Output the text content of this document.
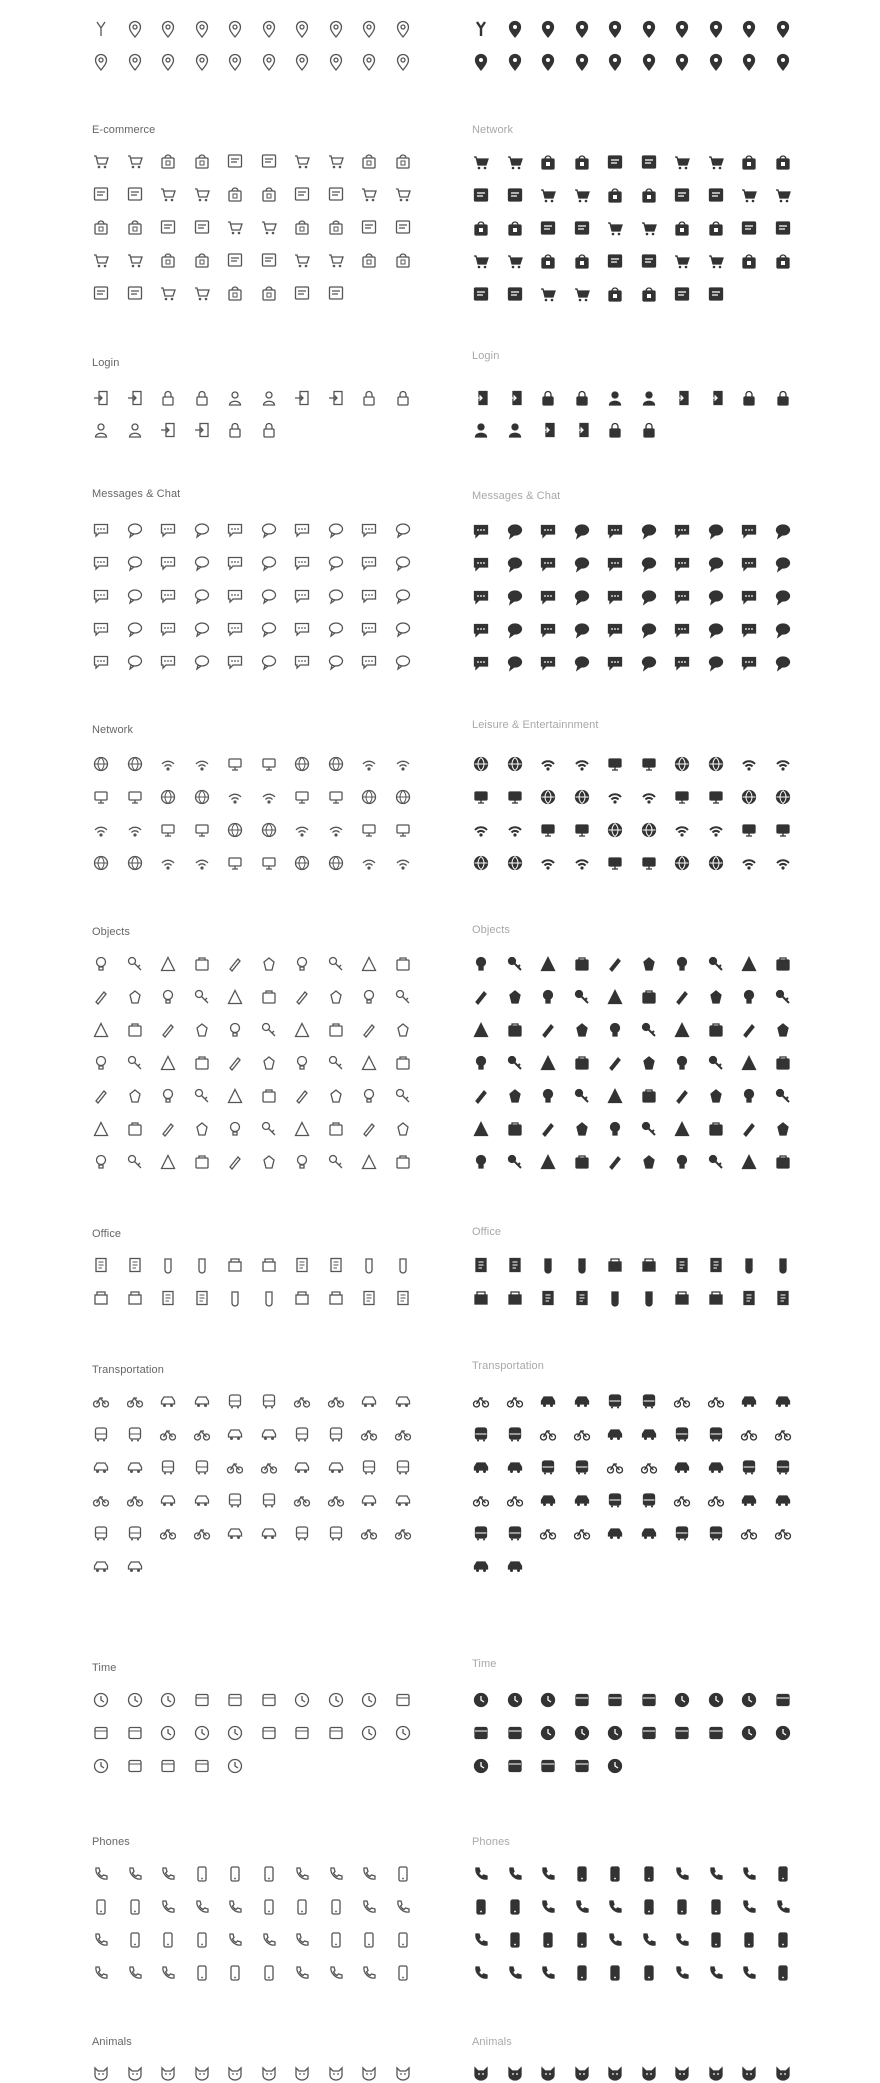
E-commerce
Login
Messages & Chat
Network
Objects
Office
Transportation
Time
Phones
Animals
Network
Login
Messages & Chat
Leisure & Entertainnment
Objects
Office
Transportation
Time
Phones
Animals
